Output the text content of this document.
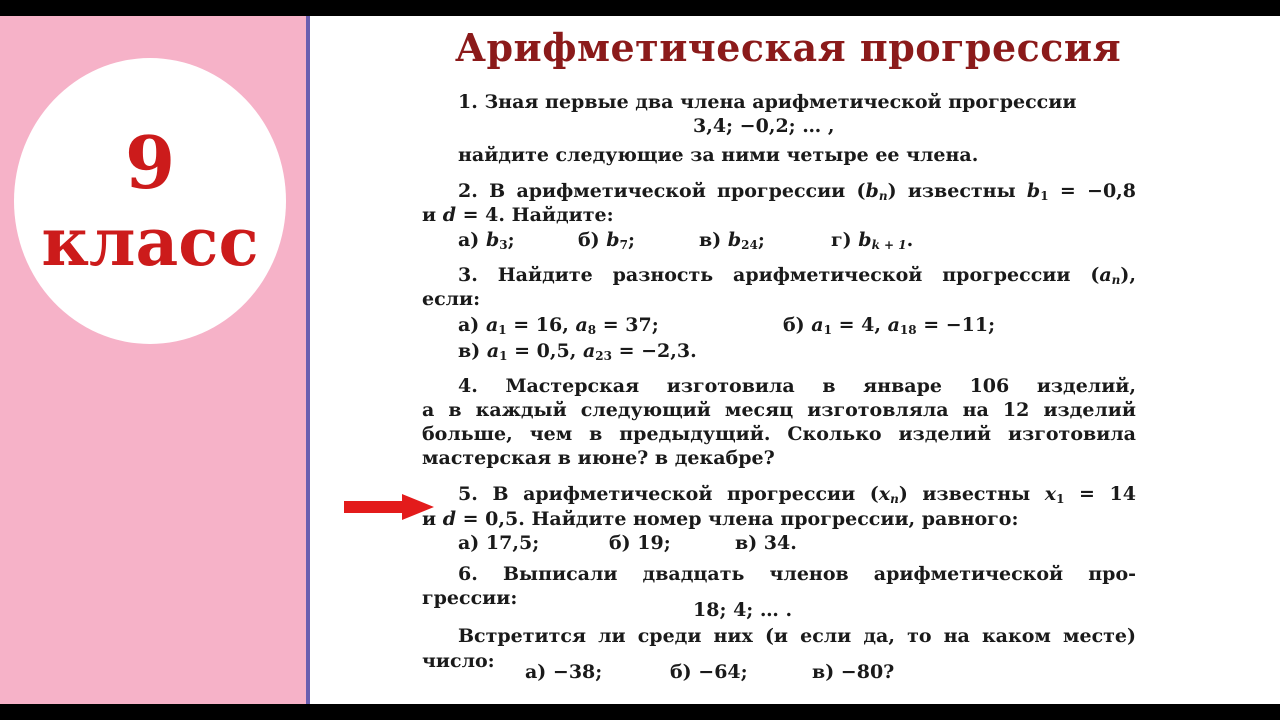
9
класс
Арифметическая прогрессия

1. Зная первые два члена арифметической прогрессии

3,4; −0,2; … ,

найдите следующие за ними четыре ее члена.

2. В арифметической прогрессии $(b_n)$ известны $b_1 = -0,8$

и d = 4. Найдите:

а) $b_3$;	б) $b_7$;	в) $b_{24}$;	г) $b_{k + 1}$.

3. Найдите разность арифметической прогрессии $(a_n)$,

если:

а) $a_1 = 16$, $a_8 = 37$;	б) $a_1 = 4$, $a_{18} = -11$;

в) $a_1 = 0,5$, $a_{23} = -2,3$.

4. Мастерская изготовила в январе 106 изделий,

а в каждый следующий месяц изготовляла на 12 изделий

больше, чем в предыдущий. Сколько изделий изготовила

мастерская в июне? в декабре?

5. В арифметической прогрессии $(x_n)$ известны $x_1 = 14$

и d = 0,5. Найдите номер члена прогрессии, равного:

а) 17,5;	б) 19;	в) 34.

6. Выписали двадцать членов арифметической про-

грессии:

18; 4; … .

Встретится ли среди них (и если да, то на каком месте)

число: а) −38;	б) −64;	в) −80?
